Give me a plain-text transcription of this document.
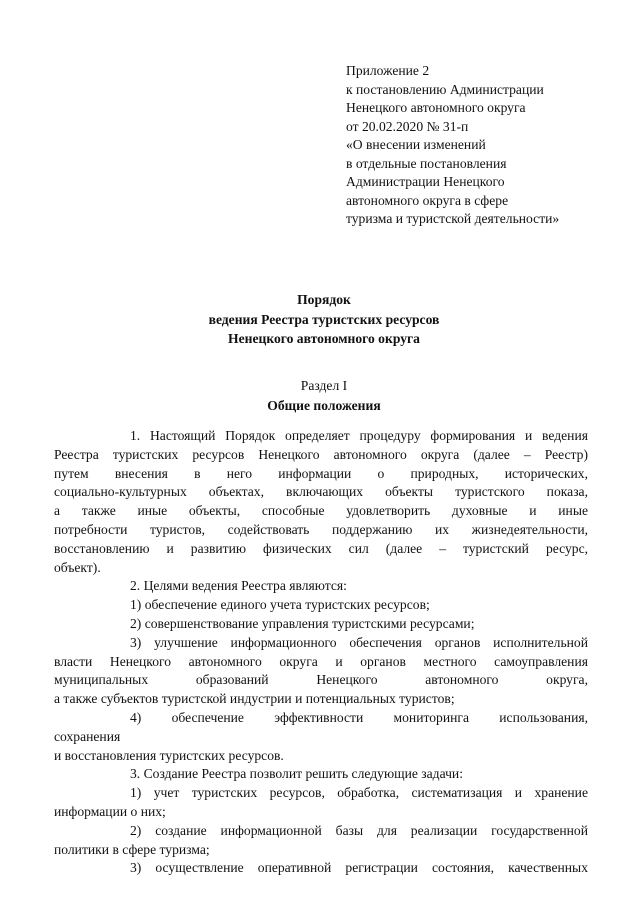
Приложение 2
к постановлению Администрации
Ненецкого автономного округа
от 20.02.2020 № 31-п
«О внесении изменений
в отдельные постановления
Администрации Ненецкого
автономного округа в сфере
туризма и туристской деятельности»
Порядок
ведения Реестра туристских ресурсов
Ненецкого автономного округа
Раздел I
Общие положения
1. Настоящий Порядок определяет процедуру формирования и ведения
Реестра туристских ресурсов Ненецкого автономного округа (далее – Реестр)
путем внесения в него информации о природных, исторических,
социально-культурных объектах, включающих объекты туристского показа,
а также иные объекты, способные удовлетворить духовные и иные
потребности туристов, содействовать поддержанию их жизнедеятельности,
восстановлению и развитию физических сил (далее – туристский ресурс,
объект).
2. Целями ведения Реестра являются:
1) обеспечение единого учета туристских ресурсов;
2) совершенствование управления туристскими ресурсами;
3) улучшение информационного обеспечения органов исполнительной
власти Ненецкого автономного округа и органов местного самоуправления
муниципальных образований Ненецкого автономного округа,
а также субъектов туристской индустрии и потенциальных туристов;
4) обеспечение эффективности мониторинга использования,
сохранения
и восстановления туристских ресурсов.
3. Создание Реестра позволит решить следующие задачи:
1) учет туристских ресурсов, обработка, систематизация и хранение
информации о них;
2) создание информационной базы для реализации государственной
политики в сфере туризма;
3) осуществление оперативной регистрации состояния, качественных
